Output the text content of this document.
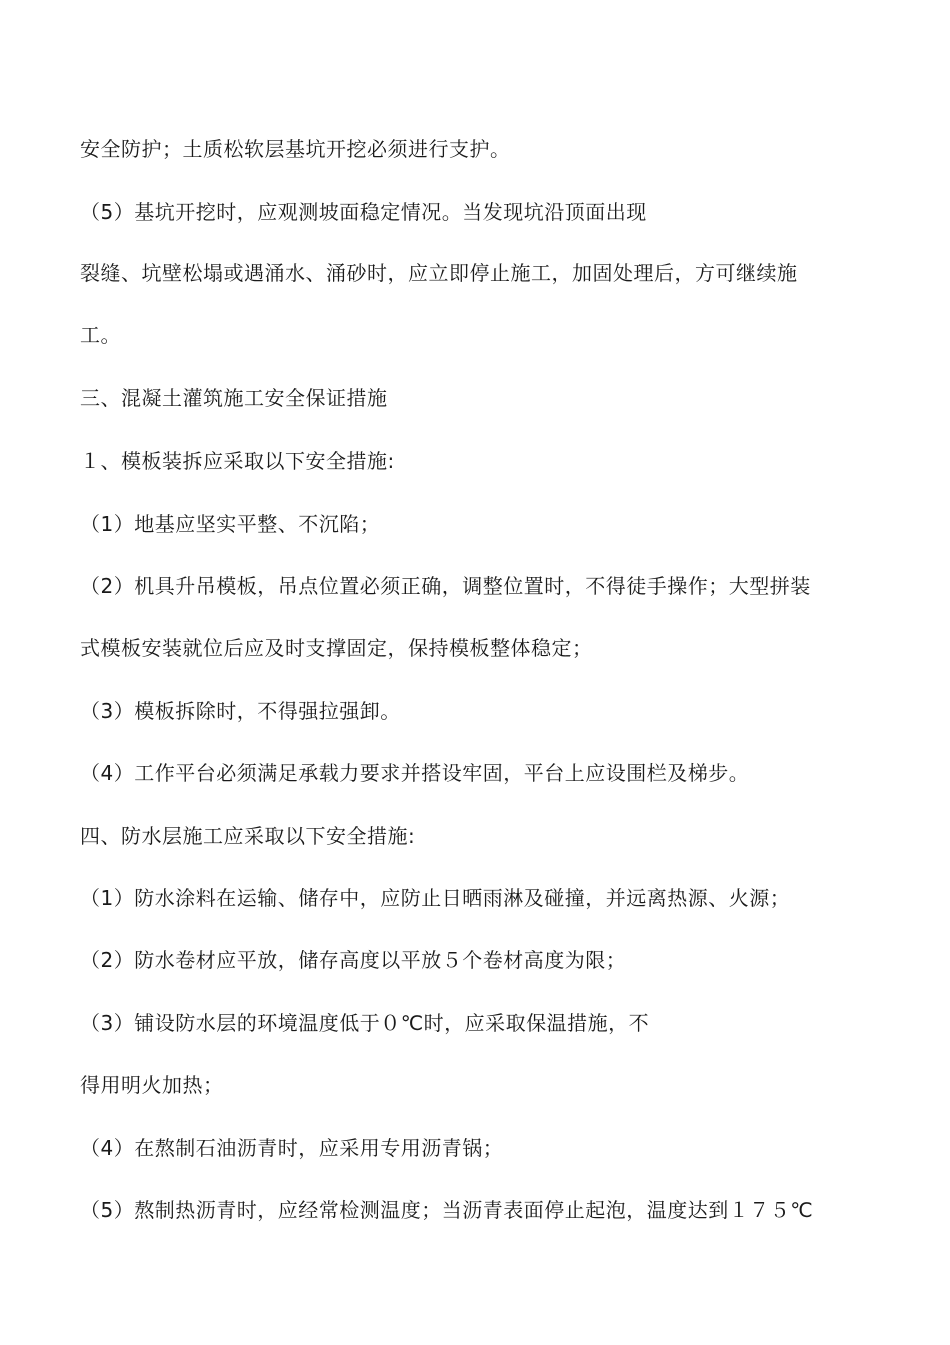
安全防护；土质松软层基坑开挖必须进行支护。
（5）基坑开挖时，应观测坡面稳定情况。当发现坑沿顶面出现
裂缝、坑壁松塌或遇涌水、涌砂时，应立即停止施工，加固处理后，方可继续施
工。
三、混凝土灌筑施工安全保证措施
１、模板装拆应采取以下安全措施:
（1）地基应坚实平整、不沉陷；
（2）机具升吊模板，吊点位置必须正确，调整位置时，不得徒手操作；大型拼装
式模板安装就位后应及时支撑固定，保持模板整体稳定；
（3）模板拆除时，不得强拉强卸。
（4）工作平台必须满足承载力要求并搭设牢固，平台上应设围栏及梯步。
四、防水层施工应采取以下安全措施:
（1）防水涂料在运输、储存中，应防止日晒雨淋及碰撞，并远离热源、火源；
（2）防水卷材应平放，储存高度以平放５个卷材高度为限；
（3）铺设防水层的环境温度低于０℃时，应采取保温措施，不
得用明火加热；
（4）在熬制石油沥青时，应采用专用沥青锅；
（5）熬制热沥青时，应经常检测温度；当沥青表面停止起泡，温度达到１７５℃
